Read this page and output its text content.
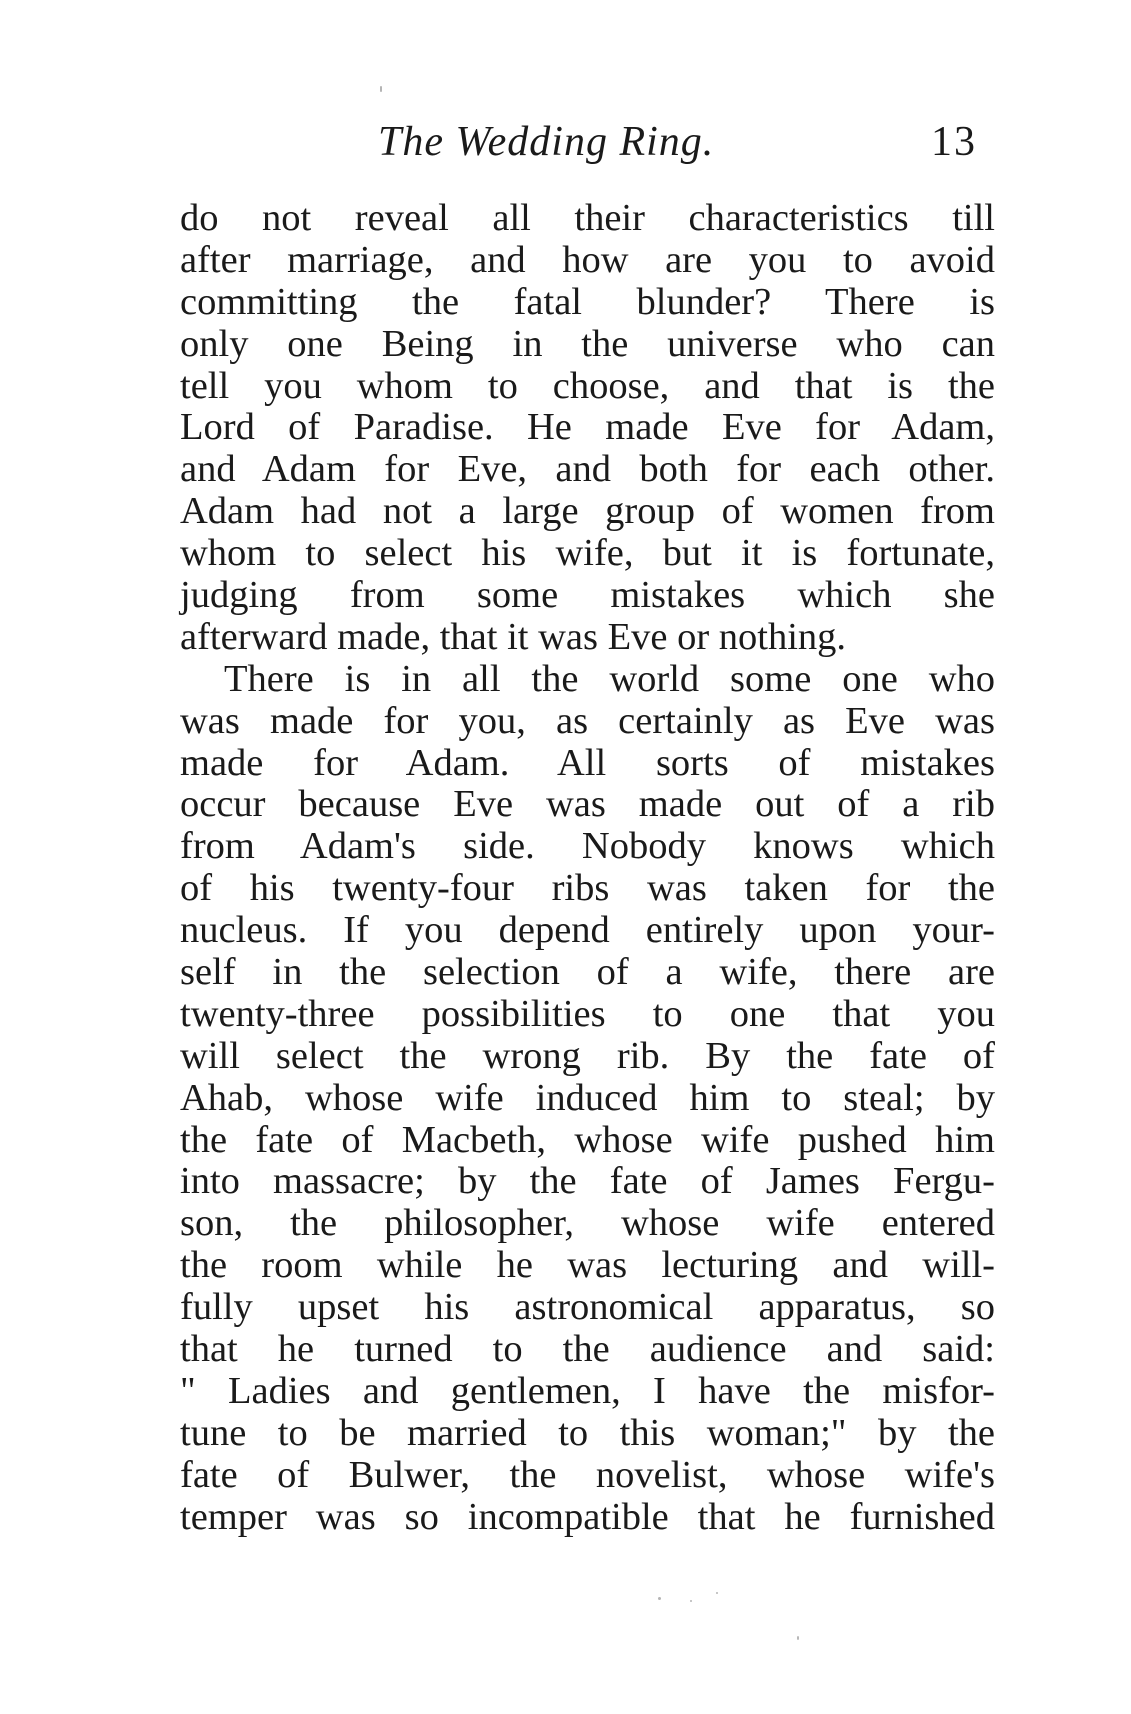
The Wedding Ring.	13
do not reveal all their characteristics till
after marriage, and how are you to avoid
committing the fatal blunder? There is
only one Being in the universe who can
tell you whom to choose, and that is the
Lord of Paradise. He made Eve for Adam,
and Adam for Eve, and both for each other.
Adam had not a large group of women from
whom to select his wife, but it is fortunate,
judging from some mistakes which she
afterward made, that it was Eve or nothing.
There is in all the world some one who
was made for you, as certainly as Eve was
made for Adam. All sorts of mistakes
occur because Eve was made out of a rib
from Adam's side. Nobody knows which
of his twenty-four ribs was taken for the
nucleus. If you depend entirely upon your-
self in the selection of a wife, there are
twenty-three possibilities to one that you
will select the wrong rib. By the fate of
Ahab, whose wife induced him to steal; by
the fate of Macbeth, whose wife pushed him
into massacre; by the fate of James Fergu-
son, the philosopher, whose wife entered
the room while he was lecturing and will-
fully upset his astronomical apparatus, so
that he turned to the audience and said:
" Ladies and gentlemen, I have the misfor-
tune to be married to this woman;" by the
fate of Bulwer, the novelist, whose wife's
temper was so incompatible that he furnished
